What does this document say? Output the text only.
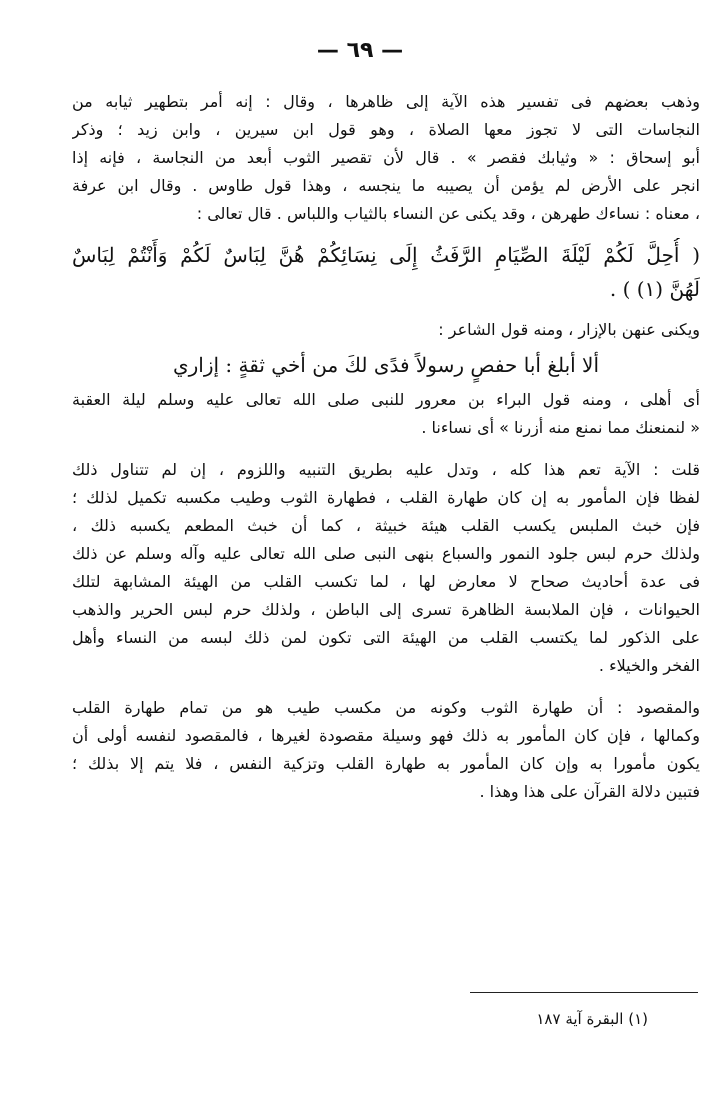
— ٦٩ —
وذهب بعضهم فى تفسير هذه الآية إلى ظاهرها ، وقال : إنه أمر بتطهير ثيابه من
النجاسات التى لا تجوز معها الصلاة ، وهو قول ابن سيرين ، وابن زيد ؛ وذكر
أبو إسحاق : « وثيابك فقصر » . قال لأن تقصير الثوب أبعد من النجاسة ، فإنه إذا
انجر على الأرض لم يؤمن أن يصيبه ما ينجسه ، وهذا قول طاوس . وقال ابن عرفة
، معناه : نساءك طهرهن ، وقد يكنى عن النساء بالثياب واللباس . قال تعالى :
( أُحِلَّ لَكُمْ لَيْلَةَ الصِّيَامِ الرَّفَثُ إِلَى نِسَائِكُمْ هُنَّ لِبَاسٌ لَكُمْ وَأَنْتُمْ لِبَاسٌ
لَهُنَّ (١) ) .
ويكنى عنهن بالإزار ، ومنه قول الشاعر :
ألا أبلغ أبا حفصٍ رسولاً فدًى لكَ من أخي ثقةٍ : إزاري
أى أهلى ، ومنه قول البراء بن معرور للنبى صلى الله تعالى عليه وسلم ليلة العقبة
« لنمنعنك مما نمنع منه أزرنا » أى نساءنا .
قلت : الآية تعم هذا كله ، وتدل عليه بطريق التنبيه واللزوم ، إن لم تتناول ذلك
لفظا فإن المأمور به إن كان طهارة القلب ، فطهارة الثوب وطيب مكسبه تكميل لذلك ؛
فإن خبث الملبس يكسب القلب هيئة خبيثة ، كما أن خبث المطعم يكسبه ذلك ،
ولذلك حرم لبس جلود النمور والسباع بنهى النبى صلى الله تعالى عليه وآله وسلم عن ذلك
فى عدة أحاديث صحاح لا معارض لها ، لما تكسب القلب من الهيئة المشابهة لتلك
الحيوانات ، فإن الملابسة الظاهرة تسرى إلى الباطن ، ولذلك حرم لبس الحرير والذهب
على الذكور لما يكتسب القلب من الهيئة التى تكون لمن ذلك لبسه من النساء وأهل
الفخر والخيلاء .
والمقصود : أن طهارة الثوب وكونه من مكسب طيب هو من تمام طهارة القلب
وكمالها ، فإن كان المأمور به ذلك فهو وسيلة مقصودة لغيرها ، فالمقصود لنفسه أولى أن
يكون مأمورا به وإن كان المأمور به طهارة القلب وتزكية النفس ، فلا يتم إلا بذلك ؛
فتبين دلالة القرآن على هذا وهذا .
(١) البقرة آية ١٨٧
